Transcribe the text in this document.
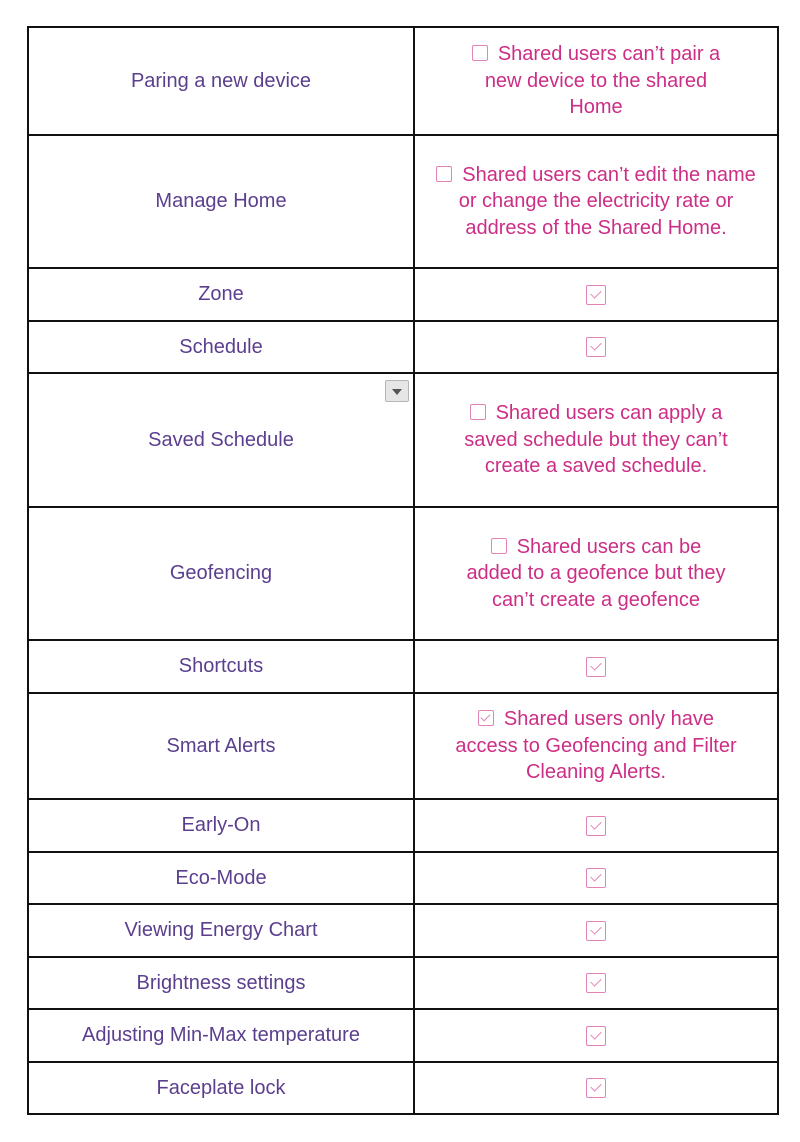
Paring a new device	Shared users can’t pair a new device to the shared Home
Manage Home	Shared users can’t edit the name or change the electricity rate or address of the Shared Home.
Zone	
Schedule	
Saved Schedule	Shared users can apply a saved schedule but they can’t create a saved schedule.
Geofencing	Shared users can be added to a geofence but they can’t create a geofence
Shortcuts	
Smart Alerts	Shared users only have access to Geofencing and Filter Cleaning Alerts.
Early-On	
Eco-Mode	
Viewing Energy Chart	
Brightness settings	
Adjusting Min-Max temperature	
Faceplate lock	
